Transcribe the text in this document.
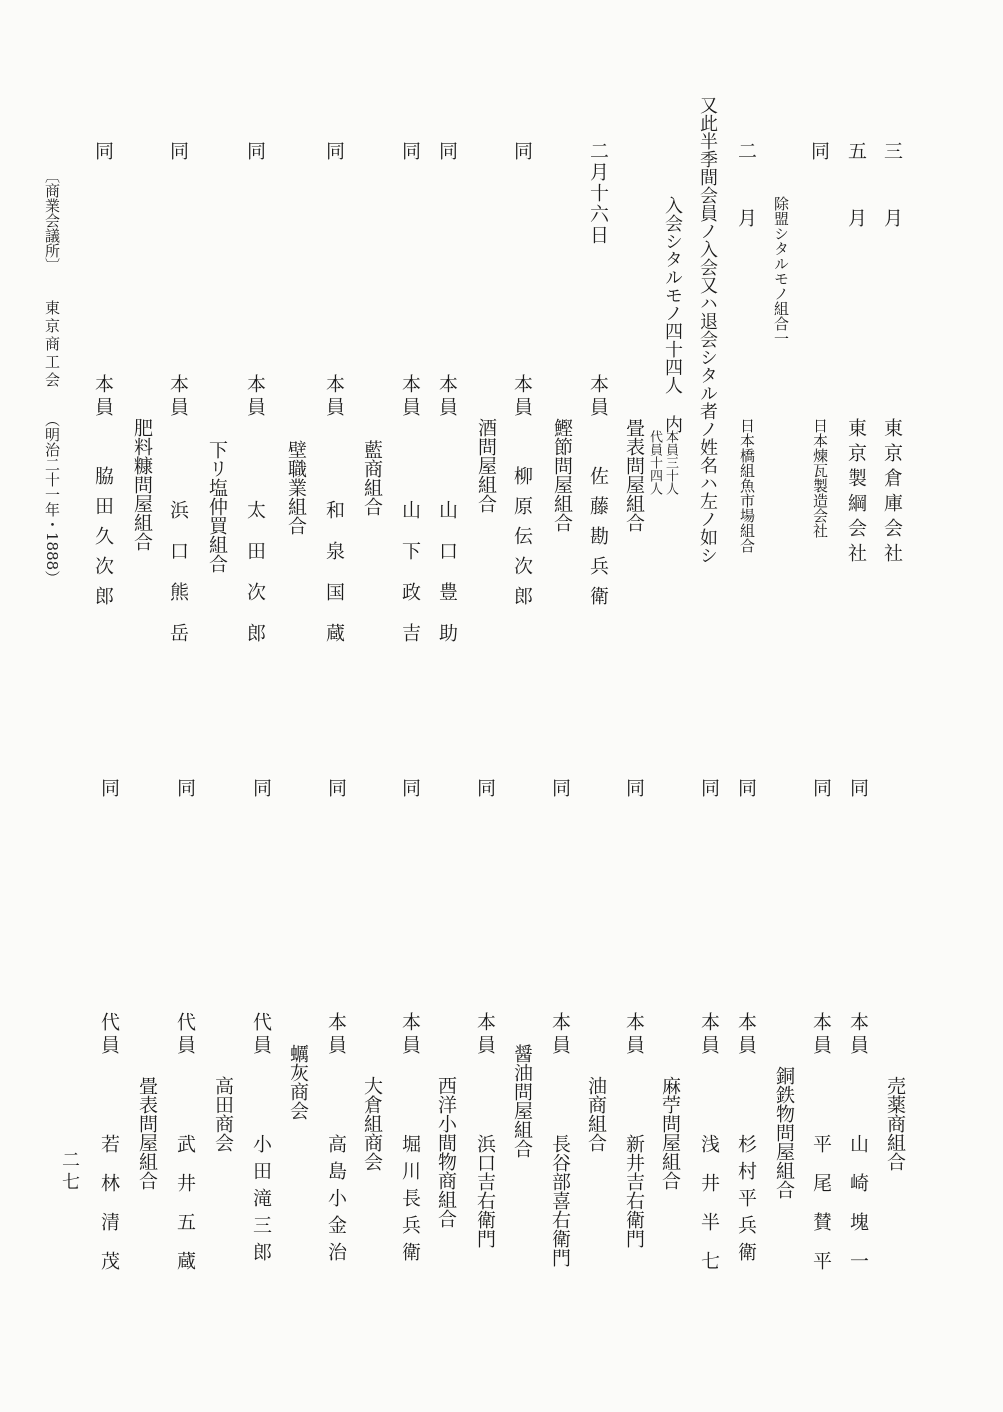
三 月
東京倉庫会社
五 月
東京製綱会社
同
日本煉瓦製造会社
除盟シタルモノ組合一
二 月
日本橋組魚市場組合
又此半季間会員ノ入会又ハ退会シタル者ノ姓名ハ左ノ如シ
入会シタルモノ四十四人 内
本員三十人
代員十四人
畳表問屋組合
二月十六日
本員
佐藤勘兵衛
鰹節問屋組合
同
本員
柳原伝次郎
酒問屋組合
同
本員
山口豊助
同
本員
山下政吉
藍商組合
同
本員
和泉国蔵
壁職業組合
同
本員
太田次郎
下リ塩仲買組合
同
本員
浜口熊岳
肥料糠問屋組合
同
本員
脇田久次郎
同
本員
山崎塊一
売薬商組合
同
本員
平尾賛平
銅鉄物問屋組合
同
本員
杉村平兵衛
同
本員
浅井半七
麻苧問屋組合
同
本員
新井吉右衛門
油商組合
同
本員
長谷部喜右衛門
醤油問屋組合
同
本員
浜口吉右衛門
西洋小間物商組合
同
本員
堀川長兵衛
大倉組商会
同
本員
高島小金治
蠣灰商会
同
代員
小田滝三郎
高田商会
同
代員
武井五蔵
畳表問屋組合
同
代員
若林清茂
〔商業会議所〕
東京商工会
（明治二十一年・1888）
二七
